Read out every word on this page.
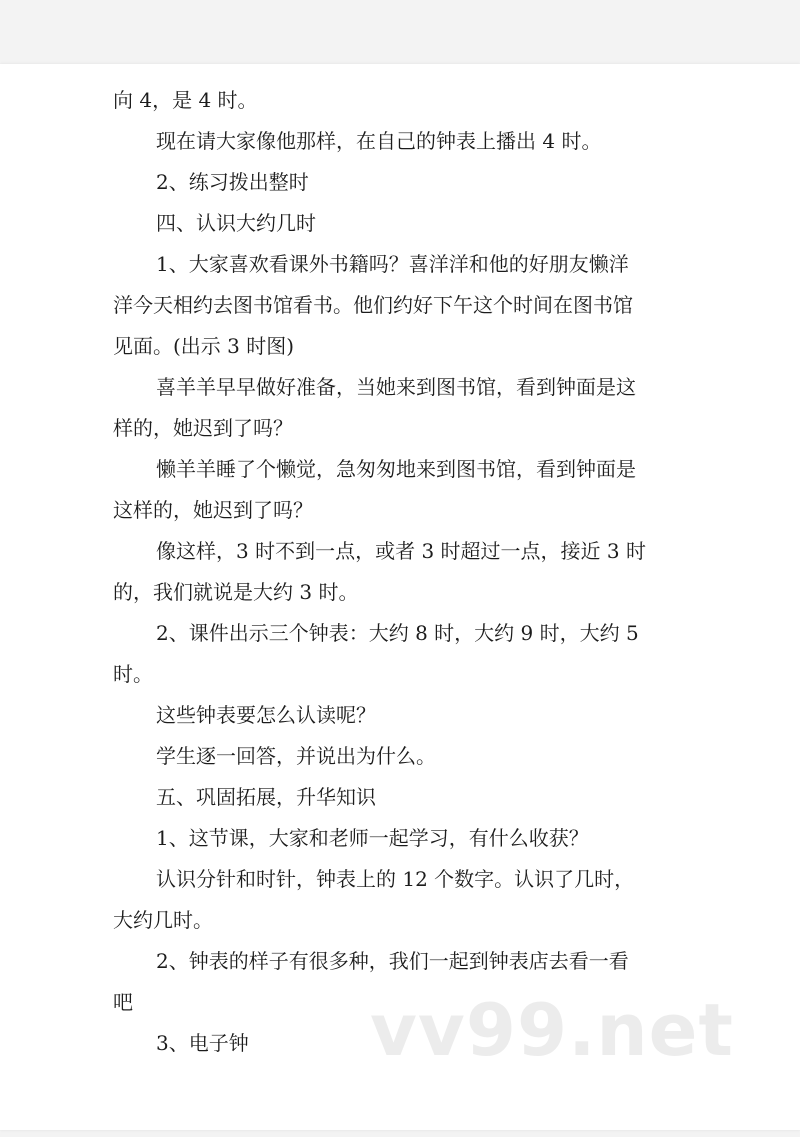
向 4，是 4 时。
现在请大家像他那样，在自己的钟表上播出 4 时。
2、练习拨出整时
四、认识大约几时
1、大家喜欢看课外书籍吗？喜洋洋和他的好朋友懒洋
洋今天相约去图书馆看书。他们约好下午这个时间在图书馆
见面。(出示 3 时图)
喜羊羊早早做好准备，当她来到图书馆，看到钟面是这
样的，她迟到了吗？
懒羊羊睡了个懒觉，急匆匆地来到图书馆，看到钟面是
这样的，她迟到了吗？
像这样，3 时不到一点，或者 3 时超过一点，接近 3 时
的，我们就说是大约 3 时。
2、课件出示三个钟表：大约 8 时，大约 9 时，大约 5
时。
这些钟表要怎么认读呢？
学生逐一回答，并说出为什么。
五、巩固拓展，升华知识
1、这节课，大家和老师一起学习，有什么收获？
认识分针和时针，钟表上的 12 个数字。认识了几时，
大约几时。
2、钟表的样子有很多种，我们一起到钟表店去看一看
吧
3、电子钟 vv99.net
